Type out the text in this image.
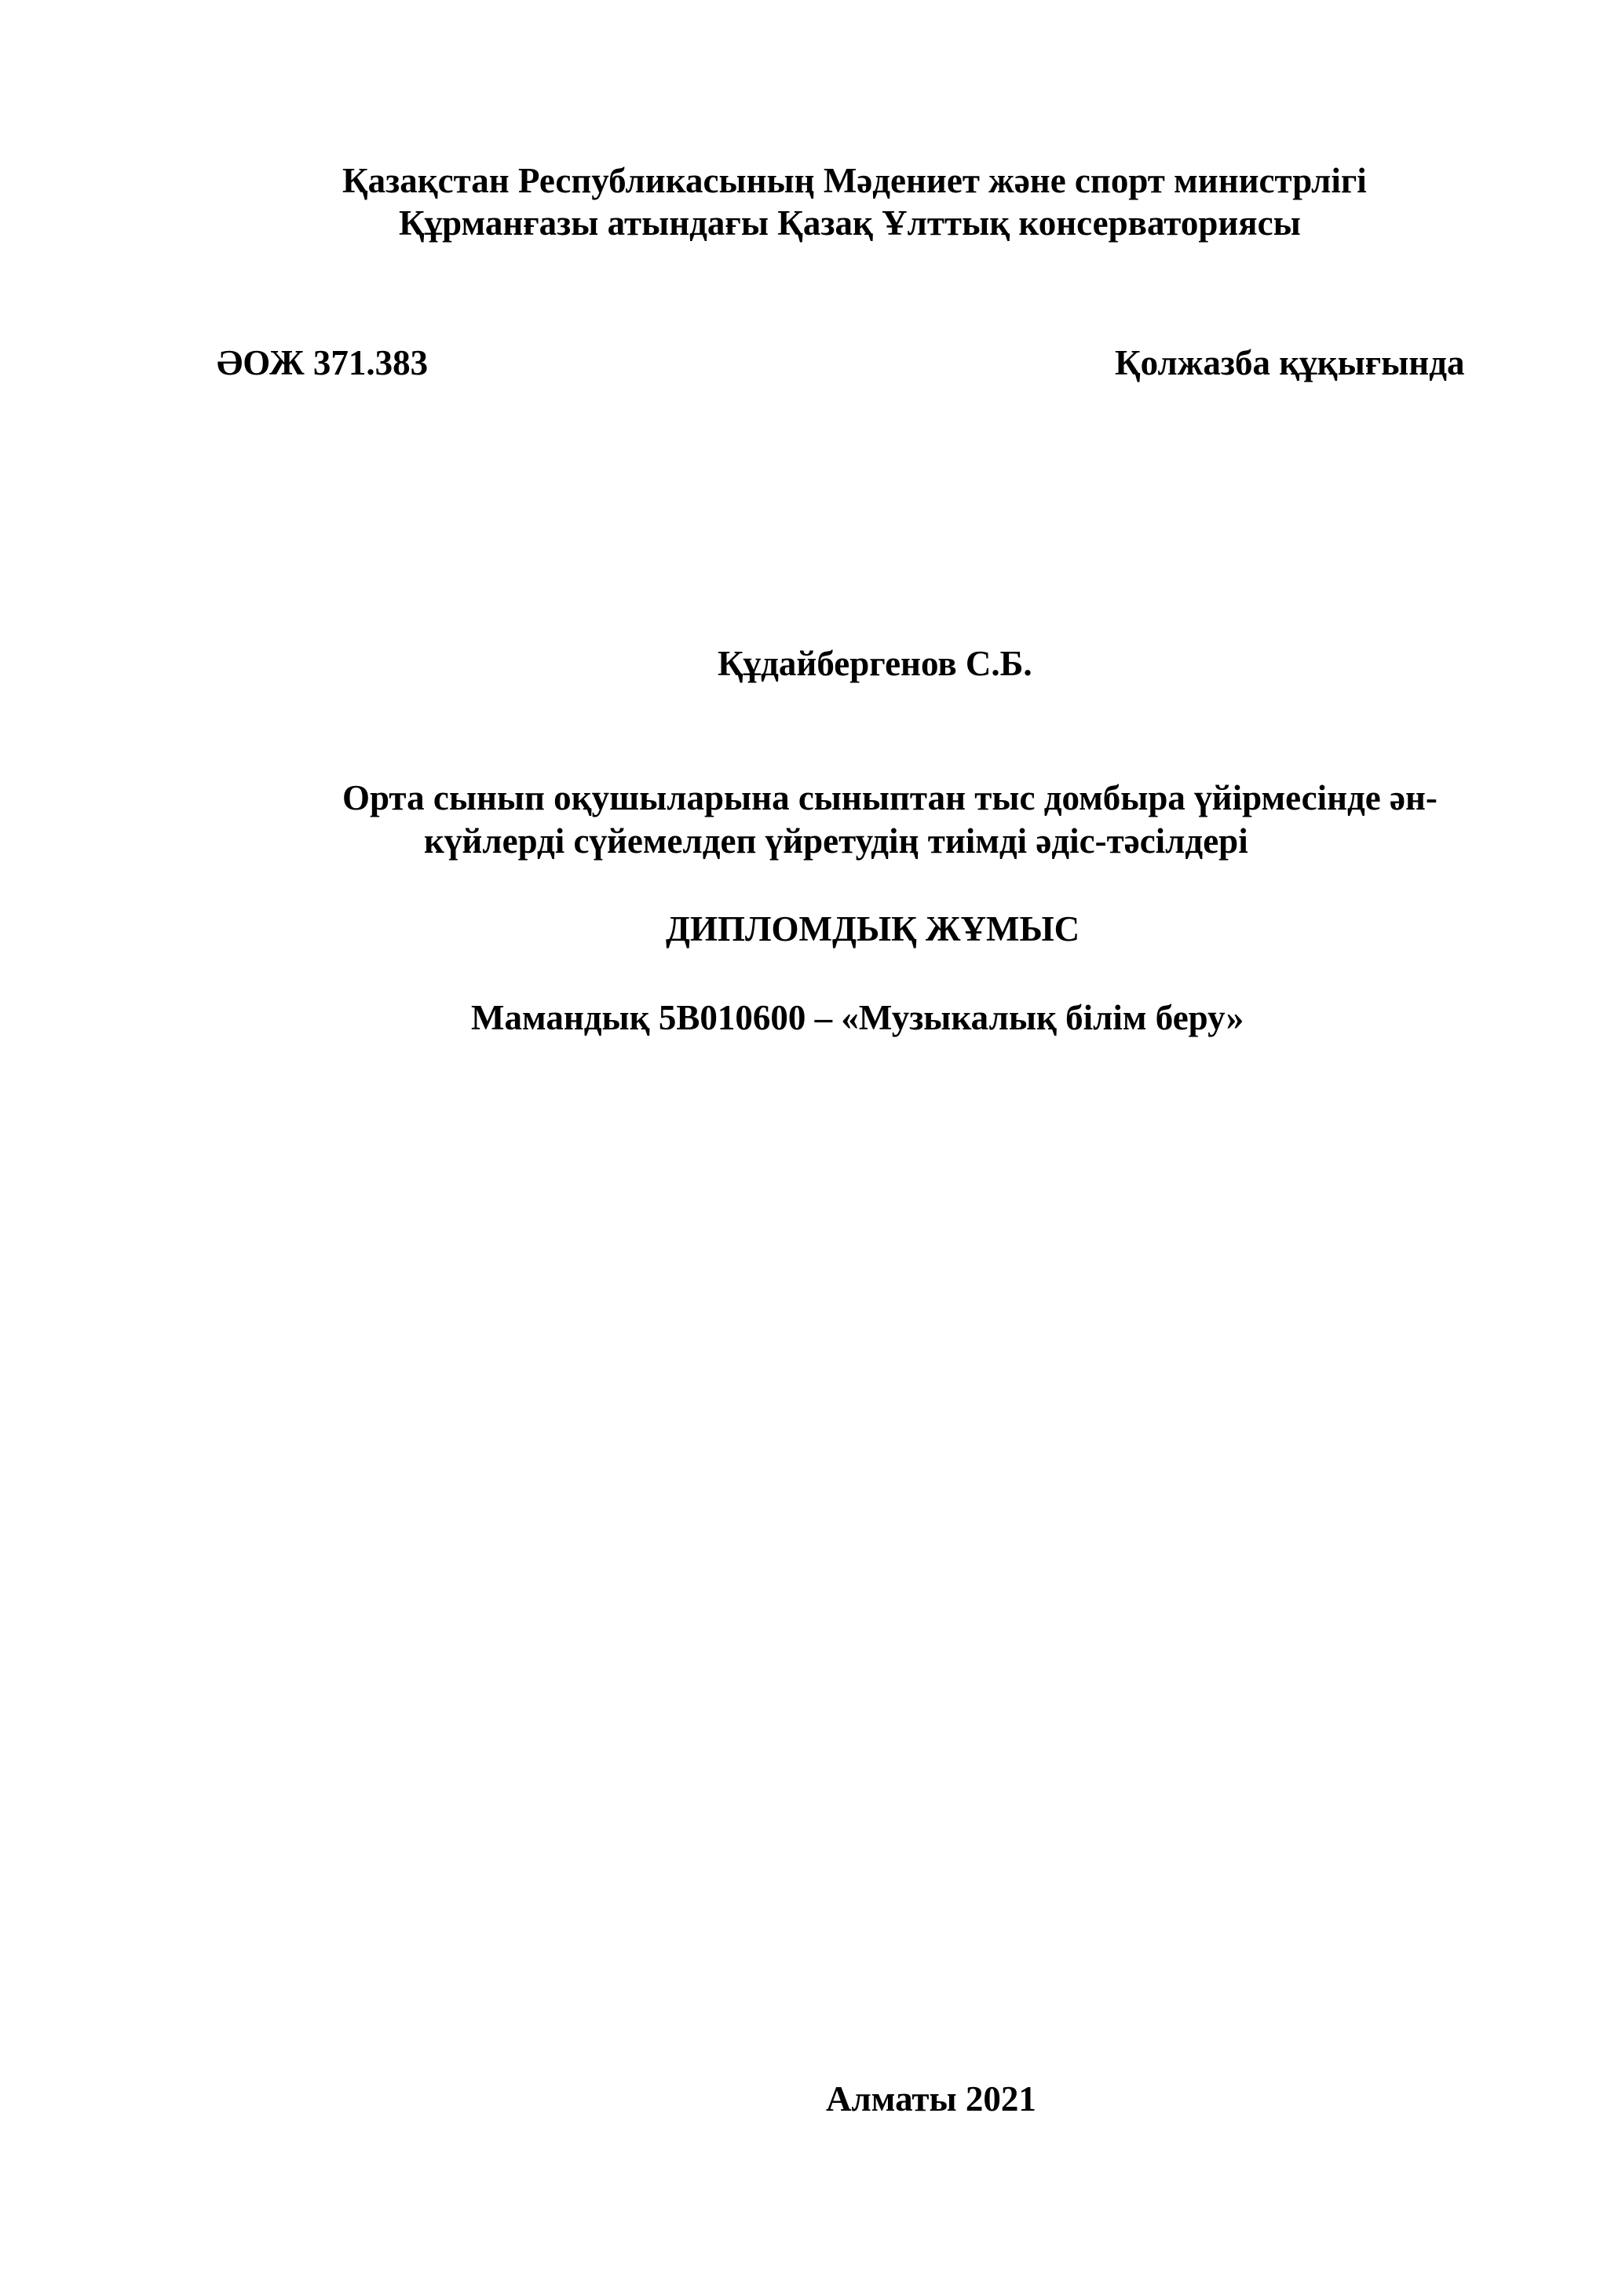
Қазақстан Республикасының Мәдениет және спорт министрлігі

Құрманғазы атындағы Қазақ Ұлттық консерваториясы

ӘОЖ 371.383	Қолжазба құқығында

Құдайбергенов С.Б.

Орта сынып оқушыларына сыныптан тыс домбыра үйірмесінде ән-

күйлерді сүйемелдеп үйретудің тиімді әдіс-тәсілдері

ДИПЛОМДЫҚ ЖҰМЫС

Мамандық 5В010600 – «Музыкалық білім беру»

Алматы 2021
